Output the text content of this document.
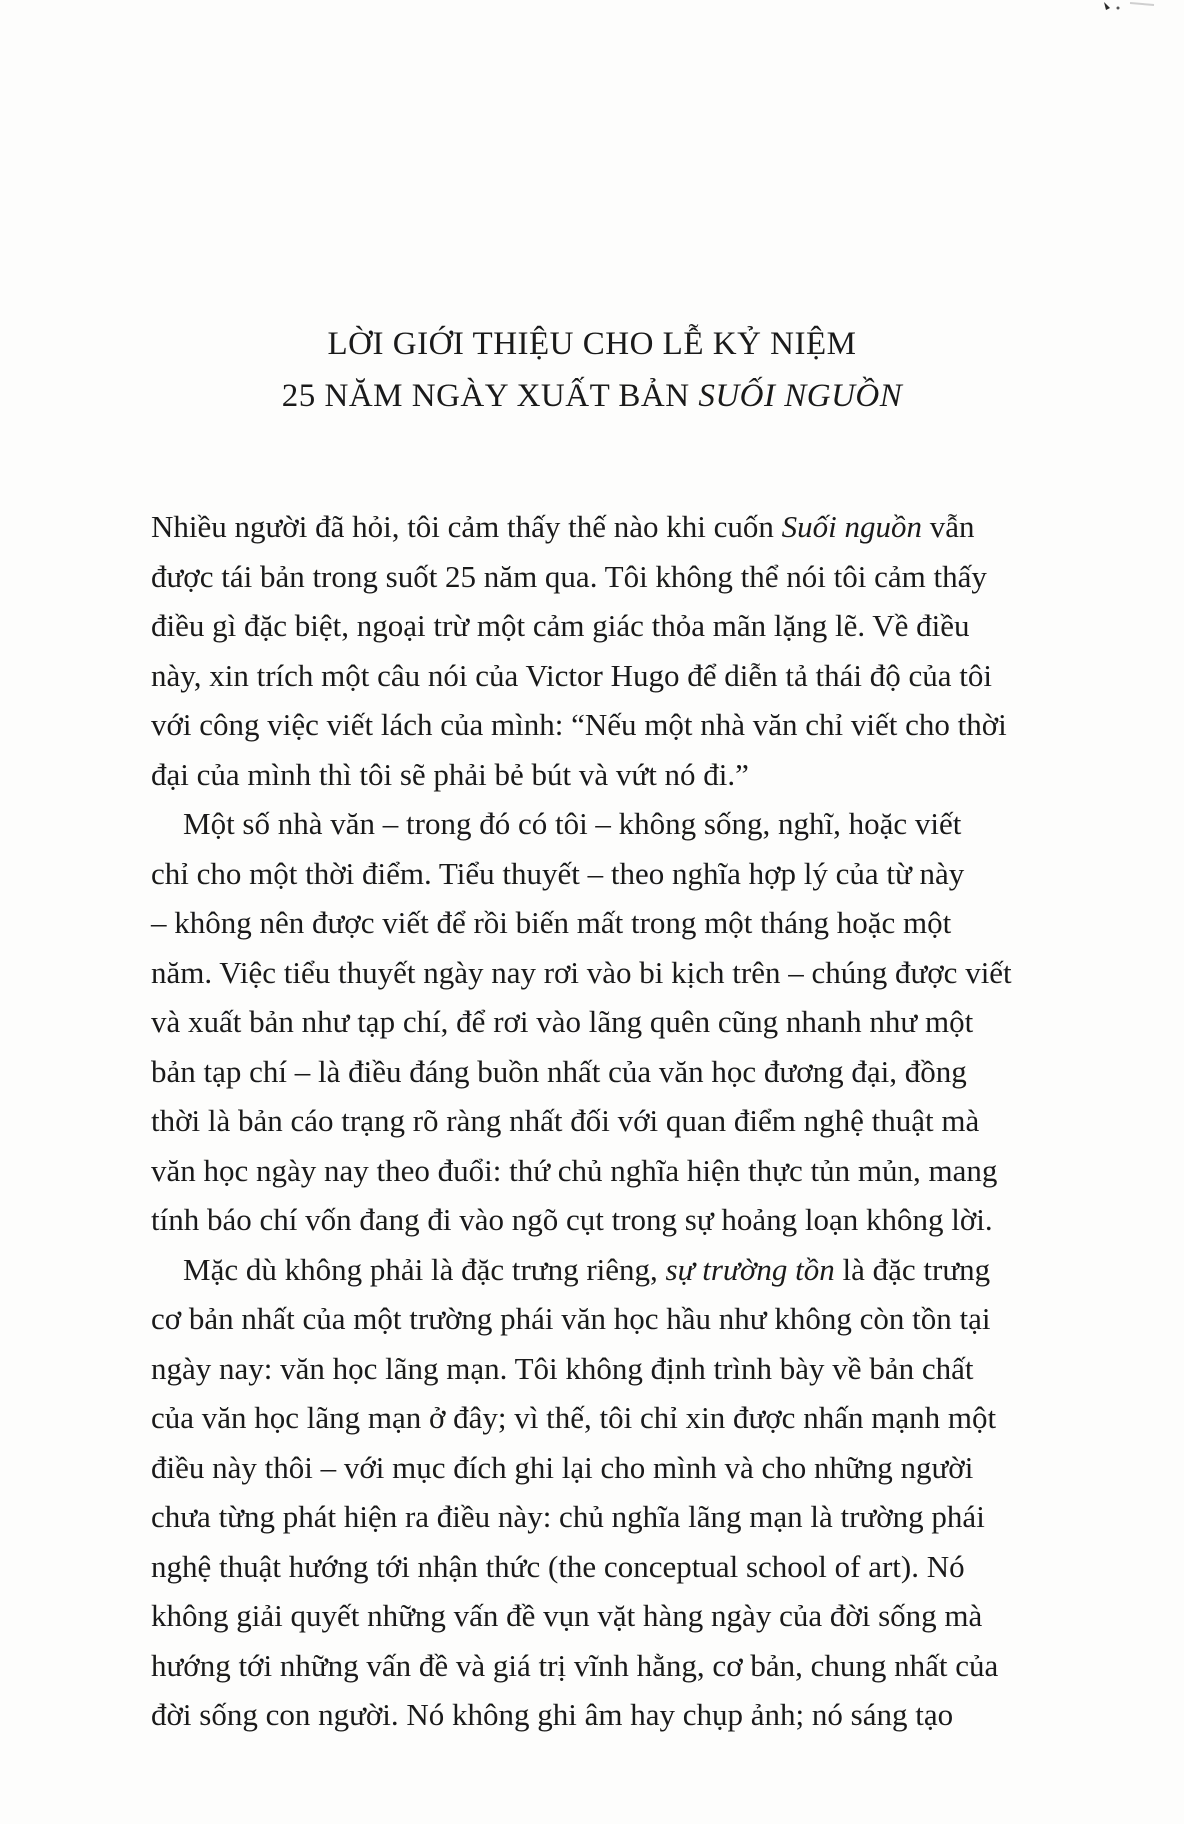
LỜI GIỚI THIỆU CHO LỄ KỶ NIỆM
25 NĂM NGÀY XUẤT BẢN SUỐI NGUỒN
Nhiều người đã hỏi, tôi cảm thấy thế nào khi cuốn Suối nguồn vẫn
được tái bản trong suốt 25 năm qua. Tôi không thể nói tôi cảm thấy
điều gì đặc biệt, ngoại trừ một cảm giác thỏa mãn lặng lẽ. Về điều
này, xin trích một câu nói của Victor Hugo để diễn tả thái độ của tôi
với công việc viết lách của mình: “Nếu một nhà văn chỉ viết cho thời
đại của mình thì tôi sẽ phải bẻ bút và vứt nó đi.”
Một số nhà văn – trong đó có tôi – không sống, nghĩ, hoặc viết
chỉ cho một thời điểm. Tiểu thuyết – theo nghĩa hợp lý của từ này
– không nên được viết để rồi biến mất trong một tháng hoặc một
năm. Việc tiểu thuyết ngày nay rơi vào bi kịch trên – chúng được viết
và xuất bản như tạp chí, để rơi vào lãng quên cũng nhanh như một
bản tạp chí – là điều đáng buồn nhất của văn học đương đại, đồng
thời là bản cáo trạng rõ ràng nhất đối với quan điểm nghệ thuật mà
văn học ngày nay theo đuổi: thứ chủ nghĩa hiện thực tủn mủn, mang
tính báo chí vốn đang đi vào ngõ cụt trong sự hoảng loạn không lời.
Mặc dù không phải là đặc trưng riêng, sự trường tồn là đặc trưng
cơ bản nhất của một trường phái văn học hầu như không còn tồn tại
ngày nay: văn học lãng mạn. Tôi không định trình bày về bản chất
của văn học lãng mạn ở đây; vì thế, tôi chỉ xin được nhấn mạnh một
điều này thôi – với mục đích ghi lại cho mình và cho những người
chưa từng phát hiện ra điều này: chủ nghĩa lãng mạn là trường phái
nghệ thuật hướng tới nhận thức (the conceptual school of art). Nó
không giải quyết những vấn đề vụn vặt hàng ngày của đời sống mà
hướng tới những vấn đề và giá trị vĩnh hằng, cơ bản, chung nhất của
đời sống con người. Nó không ghi âm hay chụp ảnh; nó sáng tạo
